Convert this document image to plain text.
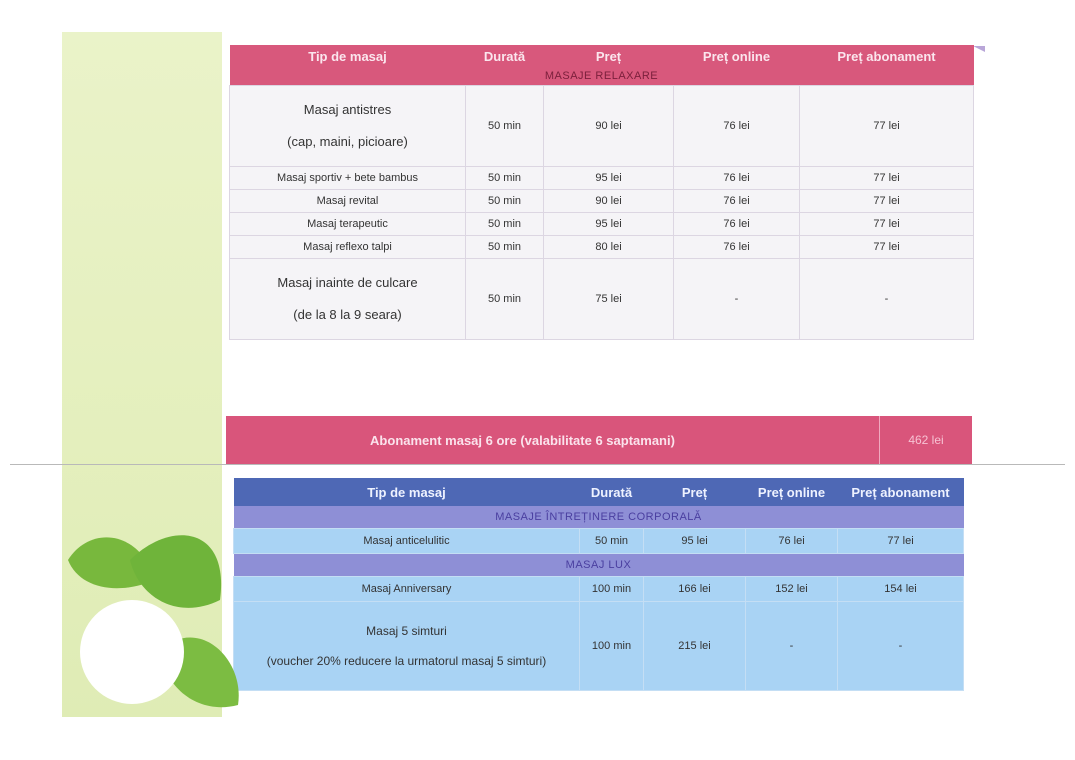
Tip de masaj	Durată	Preț	Preț online	Preț abonament
MASAJE RELAXARE				

Masaj antistres
(cap, maini, picioare)	50 min	90 lei	76 lei	77 lei
Masaj sportiv + bete bambus	50 min	95 lei	76 lei	77 lei
Masaj revital	50 min	90 lei	76 lei	77 lei
Masaj terapeutic	50 min	95 lei	76 lei	77 lei
Masaj reflexo talpi	50 min	80 lei	76 lei	77 lei

Masaj inainte de culcare
(de la 8 la 9 seara)	50 min	75 lei	-	-
Abonament masaj 6 ore (valabilitate 6 saptamani)	462 lei
Tip de masaj	Durată	Preț	Preț online	Preț abonament
MASAJE ÎNTREȚINERE CORPORALĂ				
Masaj anticelulitic	50 min	95 lei	76 lei	77 lei
MASAJ LUX				
Masaj Anniversary	100 min	166 lei	152 lei	154 lei

Masaj 5 simturi
(voucher 20% reducere la urmatorul masaj 5 simturi)	100 min	215 lei	-	-
